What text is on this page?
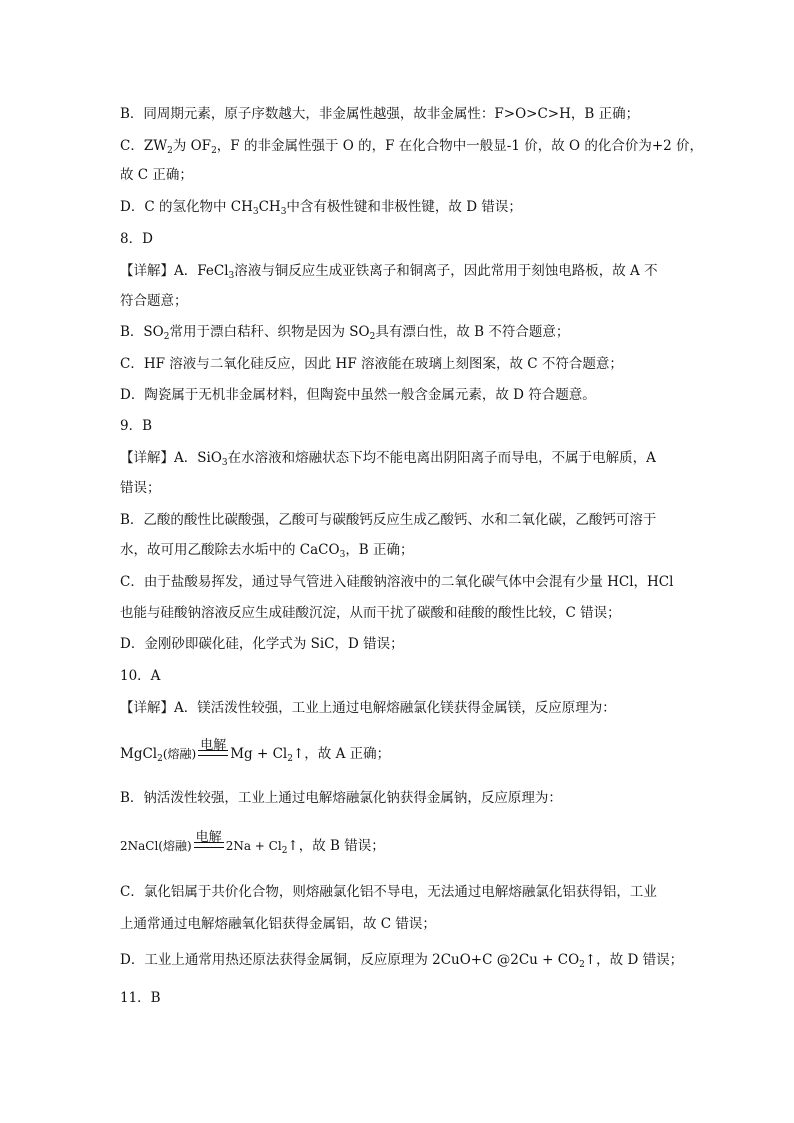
B．同周期元素，原子序数越大，非金属性越强，故非金属性：F>O>C>H，B 正确；
C．$ZW_2$为 $OF_2$，F 的非金属性强于 O 的，F 在化合物中一般显-1 价，故 O 的化合价为+2 价，
故 C 正确；
D．C 的氢化物中 $CH_3CH_3$中含有极性键和非极性键，故 D 错误；
8．D
【详解】A．FeCl$_3$溶液与铜反应生成亚铁离子和铜离子，因此常用于刻蚀电路板，故 A 不
符合题意；
B．$SO_2$常用于漂白秸秆、织物是因为 $SO_2$具有漂白性，故 B 不符合题意；
C．HF 溶液与二氧化硅反应，因此 HF 溶液能在玻璃上刻图案，故 C 不符合题意；
D．陶瓷属于无机非金属材料，但陶瓷中虽然一般含金属元素，故 D 符合题意。
9．B
【详解】A．SiO$_3$在水溶液和熔融状态下均不能电离出阴阳离子而导电，不属于电解质，A
错误；
B．乙酸的酸性比碳酸强，乙酸可与碳酸钙反应生成乙酸钙、水和二氧化碳，乙酸钙可溶于
水，故可用乙酸除去水垢中的 CaCO$_3$，B 正确；
C．由于盐酸易挥发，通过导气管进入硅酸钠溶液中的二氧化碳气体中会混有少量 HCl，HCl
也能与硅酸钠溶液反应生成硅酸沉淀，从而干扰了碳酸和硅酸的酸性比较，C 错误；
D．金刚砂即碳化硅，化学式为 SiC，D 错误；
10．A
【详解】A．镁活泼性较强，工业上通过电解熔融氯化镁获得金属镁，反应原理为：
MgCl$_2$(熔融)
电解
$Mg + Cl_2↑$，故 A 正确；
B．钠活泼性较强，工业上通过电解熔融氯化钠获得金属钠，反应原理为：
2NaCl(熔融)
电解
$2Na + Cl_2↑$，故 B 错误；
C．氯化铝属于共价化合物，则熔融氯化铝不导电，无法通过电解熔融氯化铝获得铝，工业
上通常通过电解熔融氧化铝获得金属铝，故 C 错误；
D．工业上通常用热还原法获得金属铜，反应原理为 2CuO+C @2Cu + $CO_2↑$，故 D 错误；
11．B
